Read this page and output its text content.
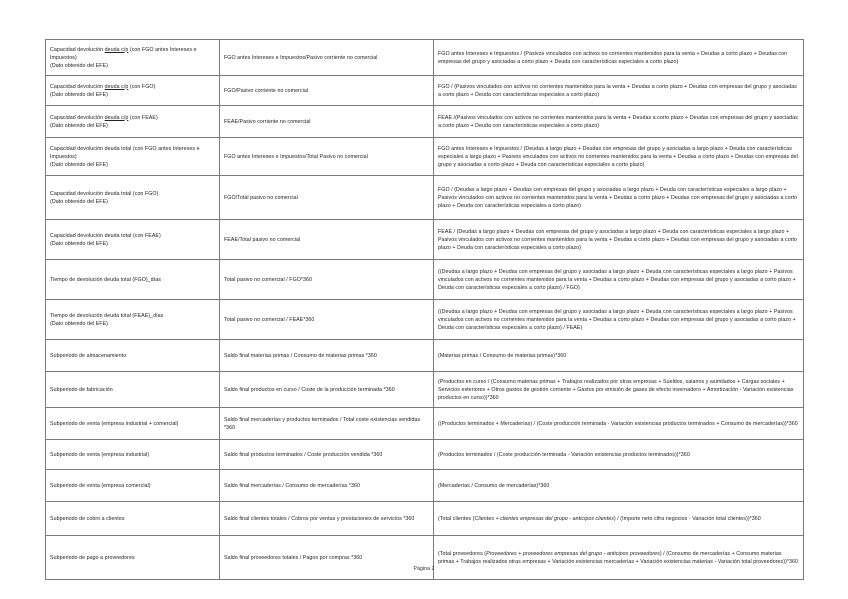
Capacidad devolución deuda c/p (con FGO antes Intereses e Impuestos)
(Dato obtenido del EFE)	FGO antes Intereses e Impuestos/Pasivo corriente no comercial	FGO antes Intereses e Impuestos / (Pasivos vinculados con activos no corrientes mantenidos para la venta + Deudas a corto plazo + Deudas con empresas del grupo y asociadas a corto plazo + Deuda con características especiales a corto plazo)
Capacidad devolución deuda c/p (con FGO)
(Dato obtenido del EFE)	FGO/Pasivo corriente no comercial	FGO / (Pasivos vinculados con activos no corrientes mantenidos para la venta + Deudas a corto plazo + Deudas con empresas del grupo y asociadas a corto plazo + Deuda con características especiales a corto plazo)
Capacidad devolución deuda c/p (con FEAE)
(Dato obtenido del EFE)	FEAE/Pasivo corriente no comercial	FEAE /(Pasivos vinculados con activos no corrientes mantenidos para la venta + Deudas a corto plazo + Deudas con empresas del grupo y asociadas a corto plazo + Deuda con características especiales a corto plazo)
Capacidad devolución deuda total (con FGO antes Intereses e Impuestos)
(Dato obtenido del EFE)	FGO antes Intereses e Impuestos/Total Pasivo no comercial	FGO antes Intereses e Impuestos / (Deudas a largo plazo + Deudas con empresas del grupo y asociadas a largo plazo + Deuda con características especiales a largo plazo + Pasivos vinculados con activos no corrientes mantenidos para la venta + Deudas a corto plazo + Deudas con empresas del grupo y asociadas a corto plazo + Deuda con características especiales a corto plazo)
Capacidad devolución deuda total (con FGO)
(Dato obtenido del EFE)	FGO/Total pasivo no comercial	FGO / (Deudas a largo plazo + Deudas con empresas del grupo y asociadas a largo plazo + Deuda con características especiales a largo plazo + Pasivos vinculados con activos no corrientes mantenidos para la venta + Deudas a corto plazo + Deudas con empresas del grupo y asociadas a corto plazo + Deuda con características especiales a corto plazo)
Capacidad devolución deuda total (con FEAE)
(Dato obtenido del EFE)	FEAE/Total pasivo no comercial	FEAE / (Deudas a largo plazo + Deudas con empresas del grupo y asociadas a largo plazo + Deuda con características especiales a largo plazo + Pasivos vinculados con activos no corrientes mantenidos para la venta + Deudas a corto plazo + Deudas con empresas del grupo y asociadas a corto plazo + Deuda con características especiales a corto plazo)
Tiempo de devolución deuda total (FGO)_días	Total pasivo no comercial / FGO*360	((Deudas a largo plazo + Deudas con empresas del grupo y asociadas a largo plazo + Deuda con características especiales a largo plazo + Pasivos vinculados con activos no corrientes mantenidos para la venta + Deudas a corto plazo + Deudas con empresas del grupo y asociadas a corto plazo + Deuda con características especiales a corto plazo) / FGO)
Tiempo de devolución deuda total (FEAE)_días
(Dato obtenido del EFE)	Total pasivo no comercial / FEAE*360	((Deudas a largo plazo + Deudas con empresas del grupo y asociadas a largo plazo + Deuda con características especiales a largo plazo + Pasivos vinculados con activos no corrientes mantenidos para la venta + Deudas a corto plazo + Deudas con empresas del grupo y asociadas a corto plazo + Deuda con características especiales a corto plazo) / FEAE)
Subperiodo de almacenamiento	Saldo final materias primas / Consumo de materias primas *360	(Materias primas / Consumo de materias primas)*360
Subperiodo de fabricación	Saldo final productos en curso / Coste de la producción terminada *360	(Productos en curso / (Consumo materias primas + Trabajos realizados por otras empresas + Sueldos, salarios y asimilados + Cargas sociales + Servicios exteriores + Otros gastos de gestión corriente + Gastos por emisión de gases de efecto invernadero + Amortización - Variación existencias productos en curso))*360
Subperiodo de venta (empresa industrial + comercial)	Saldo final mercaderías y productos terminados / Total coste existencias vendidas *360	((Productos terminados + Mercaderías) / (Coste producción terminada - Variación existencias productos terminados + Consumo de mercaderías))*360
Subperiodo de venta (empresa industrial)	Saldo final productos terminados / Coste producción vendida *360	(Productos terminados / (Coste producción terminada - Variación existencias productos terminados))*360
Subperiodo de venta (empresa comercial)	Saldo final mercaderías / Consumo de mercaderías *360	(Mercaderías / Consumo de mercaderías)*360
Subperiodo de cobro a clientes	Saldo final clientes totales / Cobros por ventas y prestaciones de servicios *360	(Total clientes (Clientes + clientes empresas del grupo - anticipos clientes) / (Importe neto cifra negocios - Variación total clientes))*360
Subperiodo de pago a proveedores	Saldo final proveedores totales / Pagos por compras *360	(Total proveedores (Proveedores + proveedores empresas del grupo - anticipos proveedores) / (Consumo de mercaderías + Consumo materias primas + Trabajos realizados otras empresas + Variación existencias mercaderías + Variación existencias materias - Variación total proveedores))*360
Página 2
